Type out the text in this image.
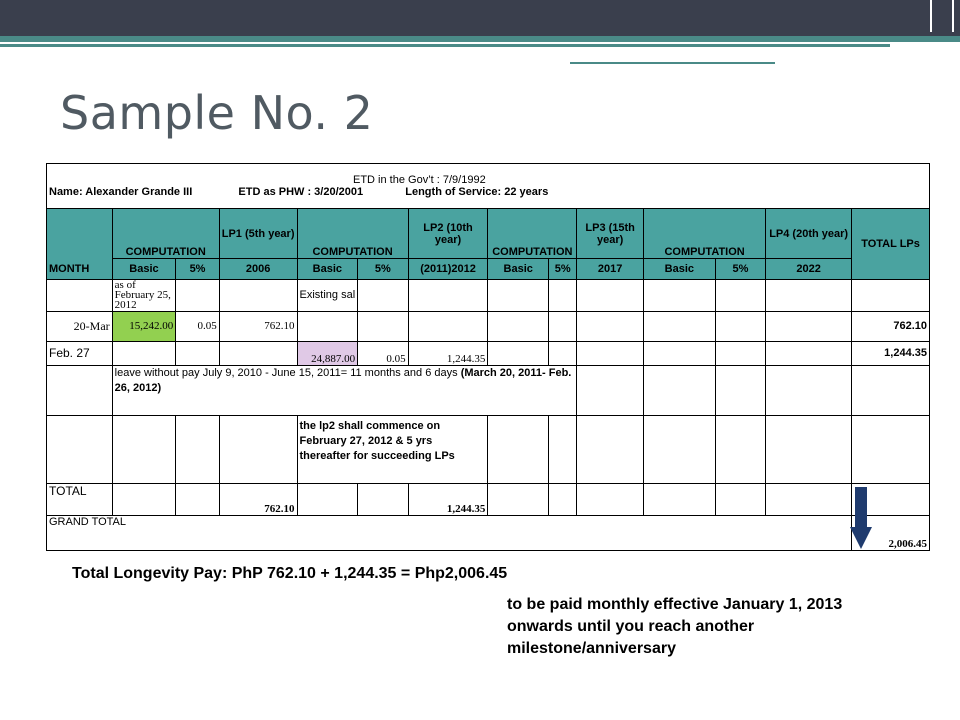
Sample No. 2
ETD in the Gov’t : 7/9/1992
Name: Alexander Grande III ETD as PHW : 3/20/2001 Length of Service: 22 years													

	COMPUTATION		LP1 (5th year)	COMPUTATION		LP2 (10th year)	COMPUTATION		LP3 (15th year)	COMPUTATION		LP4 (20th year)	TOTAL LPs
MONTH	Basic	5%	2006	Basic	5%	(2011)2012	Basic	5%	2017	Basic	5%	2022	
	as of February 25, 2012			Existing sal									
20-Mar	15,242.00	0.05	762.10										762.10
Feb. 27				24,887.00	0.05	1,244.35							1,244.35
	leave without pay July 9, 2010 - June 15, 2011= 11 months and 6 days (March 20, 2011- Feb. 26, 2012)												
				the lp2 shall commence on February 27, 2012 & 5 yrs thereafter for succeeding LPs									
TOTAL			762.10			1,244.35							
GRAND TOTAL													2,006.45
Total Longevity Pay: PhP 762.10 + 1,244.35 = Php2,006.45
to be paid monthly effective January 1, 2013 onwards until you reach another milestone/anniversary
